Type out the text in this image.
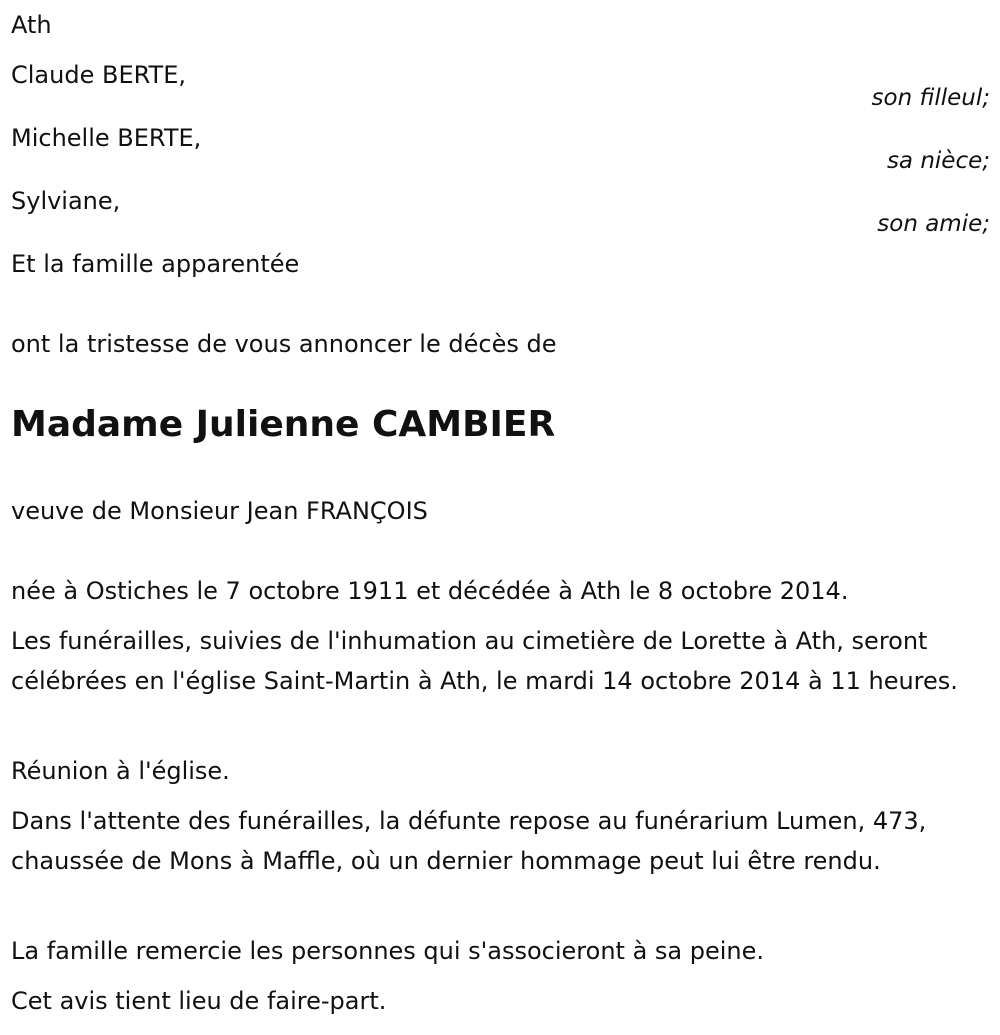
Ath
Claude BERTE,
son filleul;
Michelle BERTE,
sa nièce;
Sylviane,
son amie;
Et la famille apparentée
ont la tristesse de vous annoncer le décès de
Madame Julienne CAMBIER
veuve de Monsieur Jean FRANÇOIS
née à Ostiches le 7 octobre 1911 et décédée à Ath le 8 octobre 2014.
Les funérailles, suivies de l'inhumation au cimetière de Lorette à Ath, seront célébrées en l'église Saint-Martin à Ath, le mardi 14 octobre 2014 à 11 heures.
Réunion à l'église.
Dans l'attente des funérailles, la défunte repose au funérarium Lumen, 473, chaussée de Mons à Maffle, où un dernier hommage peut lui être rendu.
La famille remercie les personnes qui s'associeront à sa peine.
Cet avis tient lieu de faire-part.
